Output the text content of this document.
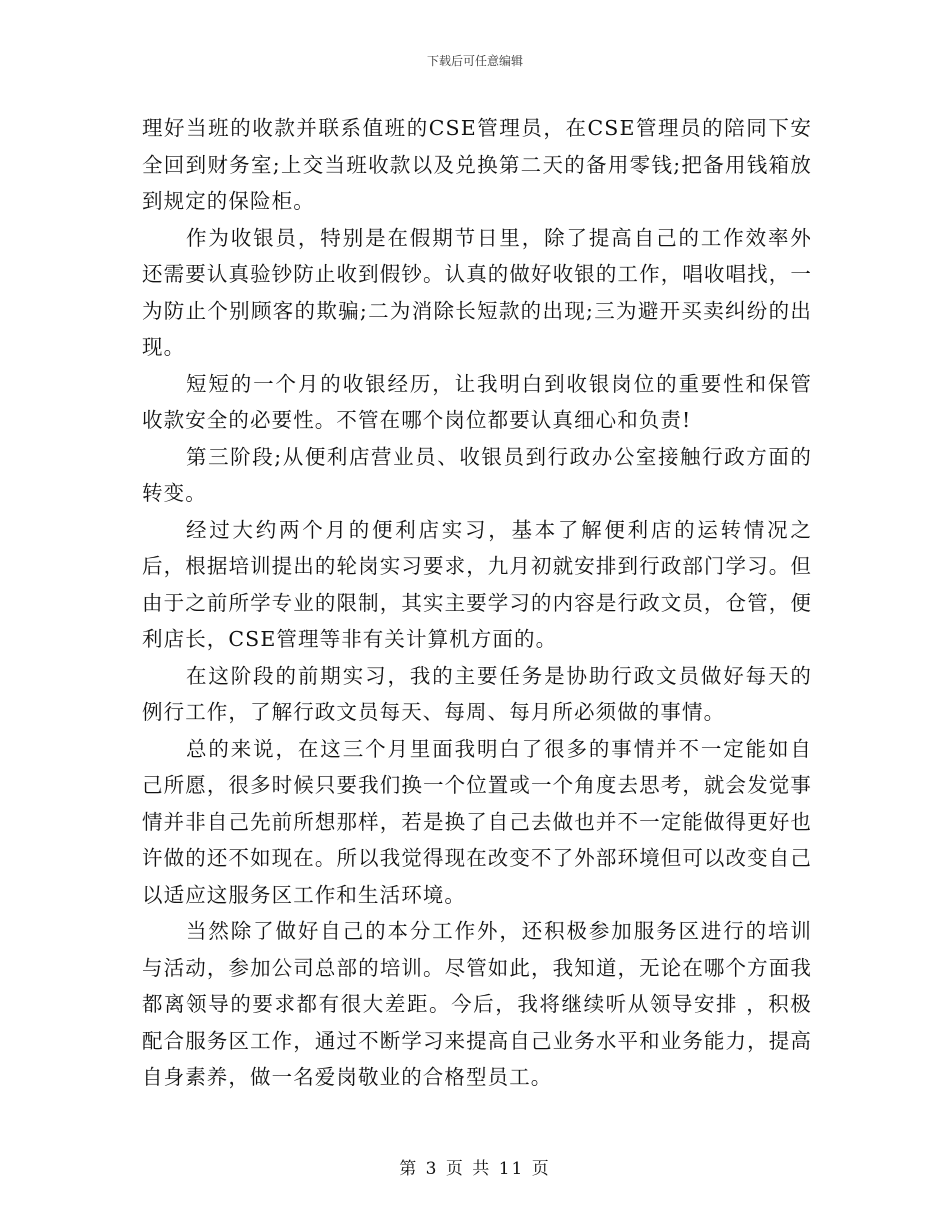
下载后可任意编辑

理好当班的收款并联系值班的CSE管理员，在CSE管理员的陪同下安全回到财务室;上交当班收款以及兑换第二天的备用零钱;把备用钱箱放到规定的保险柜。

作为收银员，特别是在假期节日里，除了提高自己的工作效率外还需要认真验钞防止收到假钞。认真的做好收银的工作，唱收唱找，一为防止个别顾客的欺骗;二为消除长短款的出现;三为避开买卖纠纷的出现。

短短的一个月的收银经历，让我明白到收银岗位的重要性和保管收款安全的必要性。不管在哪个岗位都要认真细心和负责!

第三阶段;从便利店营业员、收银员到行政办公室接触行政方面的转变。

经过大约两个月的便利店实习，基本了解便利店的运转情况之后，根据培训提出的轮岗实习要求，九月初就安排到行政部门学习。但由于之前所学专业的限制，其实主要学习的内容是行政文员，仓管，便利店长，CSE管理等非有关计算机方面的。

在这阶段的前期实习，我的主要任务是协助行政文员做好每天的例行工作，了解行政文员每天、每周、每月所必须做的事情。

总的来说，在这三个月里面我明白了很多的事情并不一定能如自己所愿，很多时候只要我们换一个位置或一个角度去思考，就会发觉事情并非自己先前所想那样，若是换了自己去做也并不一定能做得更好也许做的还不如现在。所以我觉得现在改变不了外部环境但可以改变自己以适应这服务区工作和生活环境。

当然除了做好自己的本分工作外，还积极参加服务区进行的培训与活动，参加公司总部的培训。尽管如此，我知道，无论在哪个方面我都离领导的要求都有很大差距。今后，我将继续听从领导安排 ，积极配合服务区工作，通过不断学习来提高自己业务水平和业务能力，提高自身素养，做一名爱岗敬业的合格型员工。

第 3 页 共 11 页
